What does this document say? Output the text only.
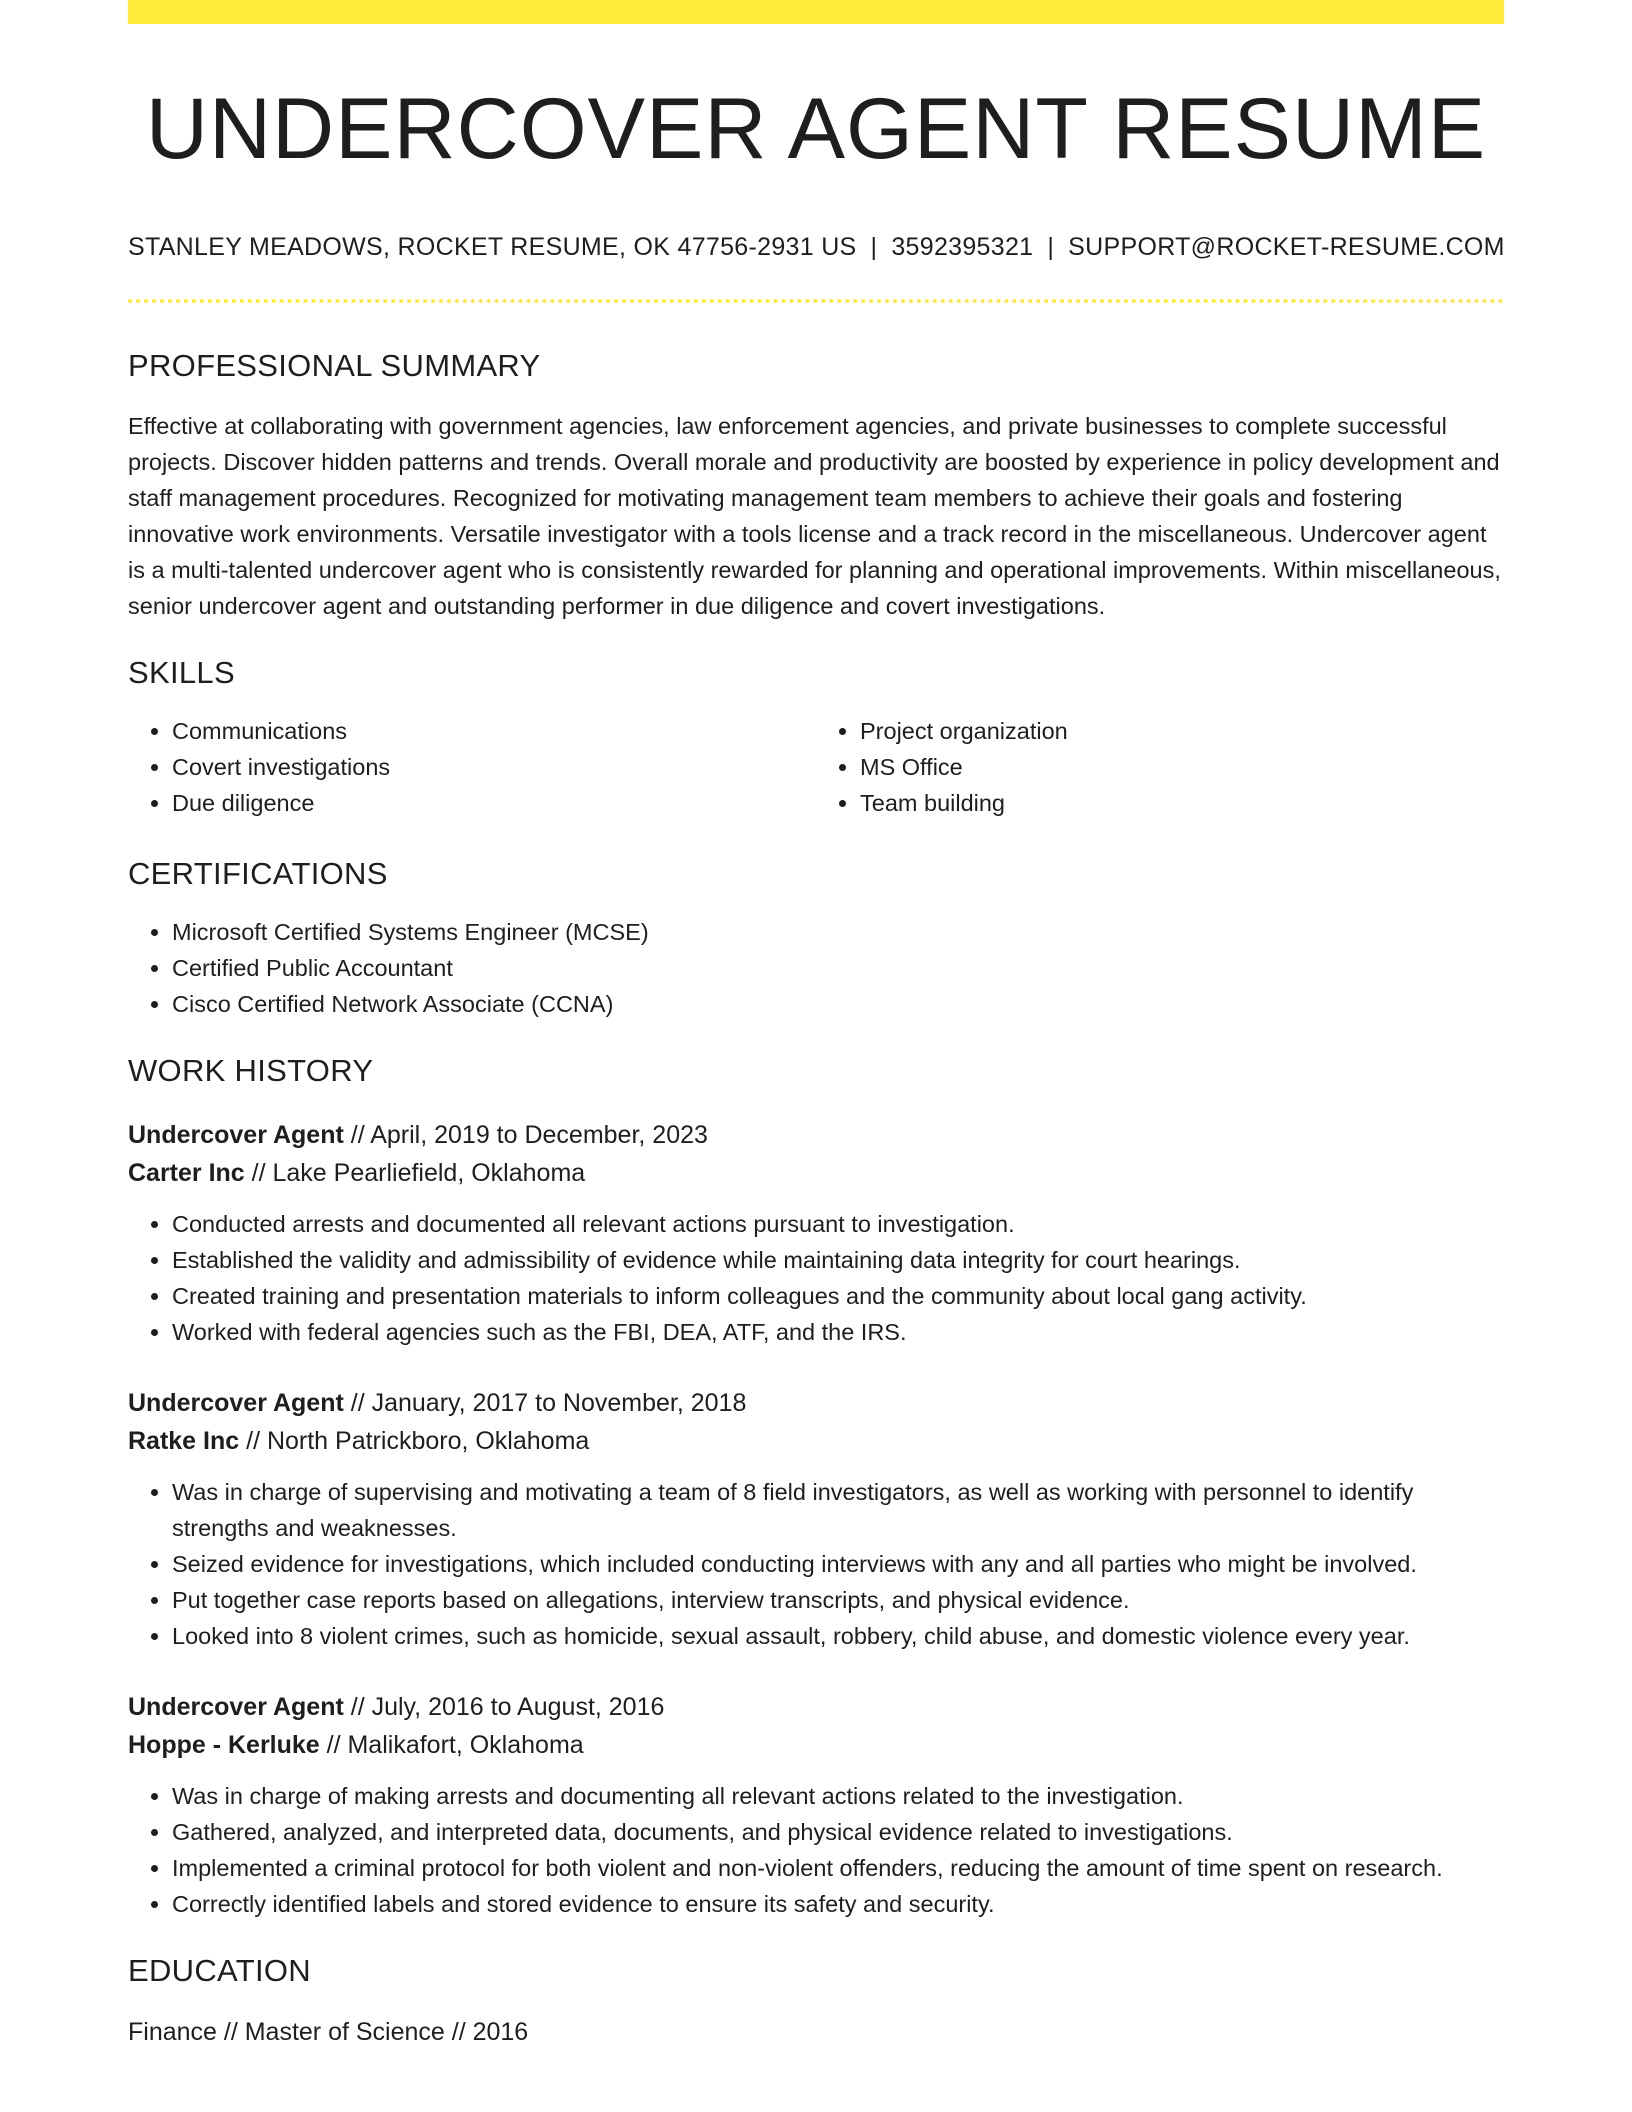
UNDERCOVER AGENT RESUME
STANLEY MEADOWS, ROCKET RESUME, OK 47756-2931 US | 3592395321 | SUPPORT@ROCKET-RESUME.COM
PROFESSIONAL SUMMARY

Effective at collaborating with government agencies, law enforcement agencies, and private businesses to complete successful projects. Discover hidden patterns and trends. Overall morale and productivity are boosted by experience in policy development and staff management procedures. Recognized for motivating management team members to achieve their goals and fostering innovative work environments. Versatile investigator with a tools license and a track record in the miscellaneous. Undercover agent is a multi-talented undercover agent who is consistently rewarded for planning and operational improvements. Within miscellaneous, senior undercover agent and outstanding performer in due diligence and covert investigations.

SKILLS
• Communications
• Covert investigations
• Due diligence
• Project organization
• MS Office
• Team building
CERTIFICATIONS
• Microsoft Certified Systems Engineer (MCSE)
• Certified Public Accountant
• Cisco Certified Network Associate (CCNA)
WORK HISTORY
Undercover Agent // April, 2019 to December, 2023
Carter Inc // Lake Pearliefield, Oklahoma
• Conducted arrests and documented all relevant actions pursuant to investigation.
• Established the validity and admissibility of evidence while maintaining data integrity for court hearings.
• Created training and presentation materials to inform colleagues and the community about local gang activity.
• Worked with federal agencies such as the FBI, DEA, ATF, and the IRS.
Undercover Agent // January, 2017 to November, 2018
Ratke Inc // North Patrickboro, Oklahoma
• Was in charge of supervising and motivating a team of 8 field investigators, as well as working with personnel to identify strengths and weaknesses.
• Seized evidence for investigations, which included conducting interviews with any and all parties who might be involved.
• Put together case reports based on allegations, interview transcripts, and physical evidence.
• Looked into 8 violent crimes, such as homicide, sexual assault, robbery, child abuse, and domestic violence every year.
Undercover Agent // July, 2016 to August, 2016
Hoppe - Kerluke // Malikafort, Oklahoma
• Was in charge of making arrests and documenting all relevant actions related to the investigation.
• Gathered, analyzed, and interpreted data, documents, and physical evidence related to investigations.
• Implemented a criminal protocol for both violent and non-violent offenders, reducing the amount of time spent on research.
• Correctly identified labels and stored evidence to ensure its safety and security.
EDUCATION
Finance // Master of Science // 2016
